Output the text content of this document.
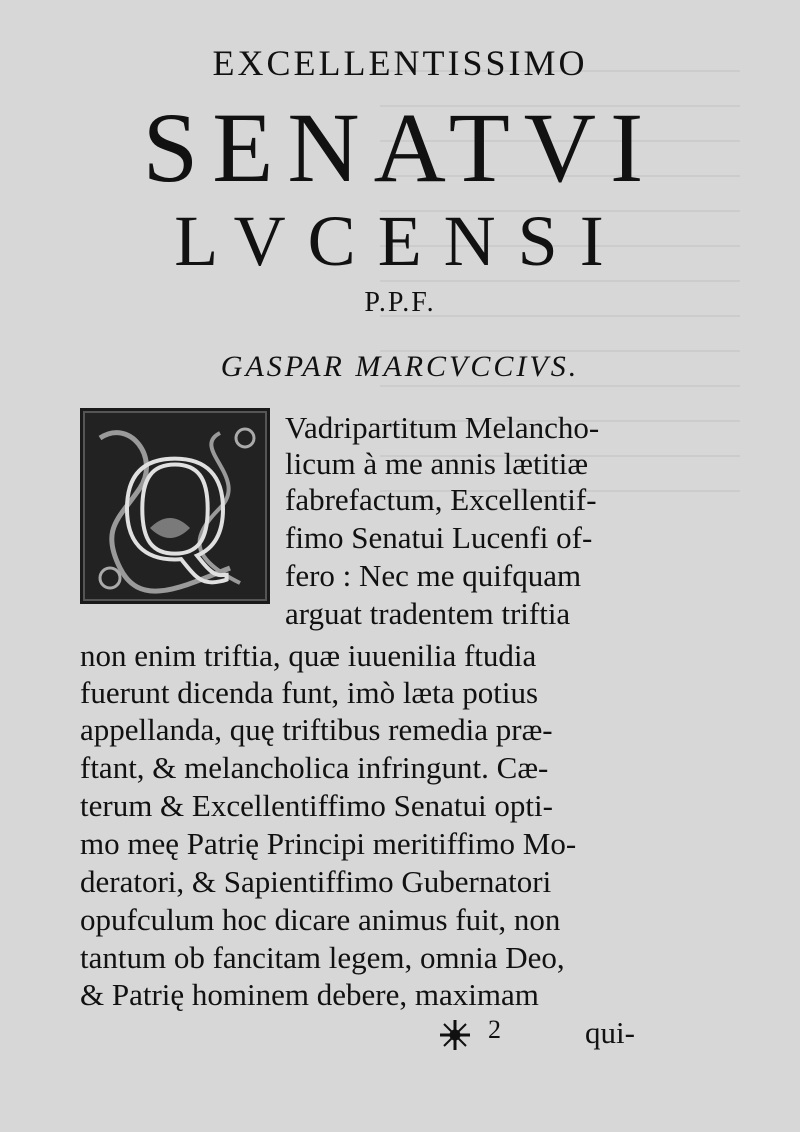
EXCELLENTISSIMO
SENATVI
LVCENSI
P.P.F.
GASPAR MARCVCCIVS.
Q Vadripartitum Melancho-
licum à me annis lætitiæ
fabrefactum, Excellentif-
fimo Senatui Lucenfi of-
fero : Nec me quifquam
arguat tradentem triftia
non enim triftia, quæ iuuenilia ftudia
fuerunt dicenda funt, imò læta potius
appellanda, quę triftibus remedia præ-
ftant, & melancholica infringunt. Cæ-
terum & Excellentiffimo Senatui opti-
mo meę Patrię Principi meritiffimo Mo-
deratori, & Sapientiffimo Gubernatori
opufculum hoc dicare animus fuit, non
tantum ob fancitam legem, omnia Deo,
& Patrię hominem debere, maximam
2	qui-
